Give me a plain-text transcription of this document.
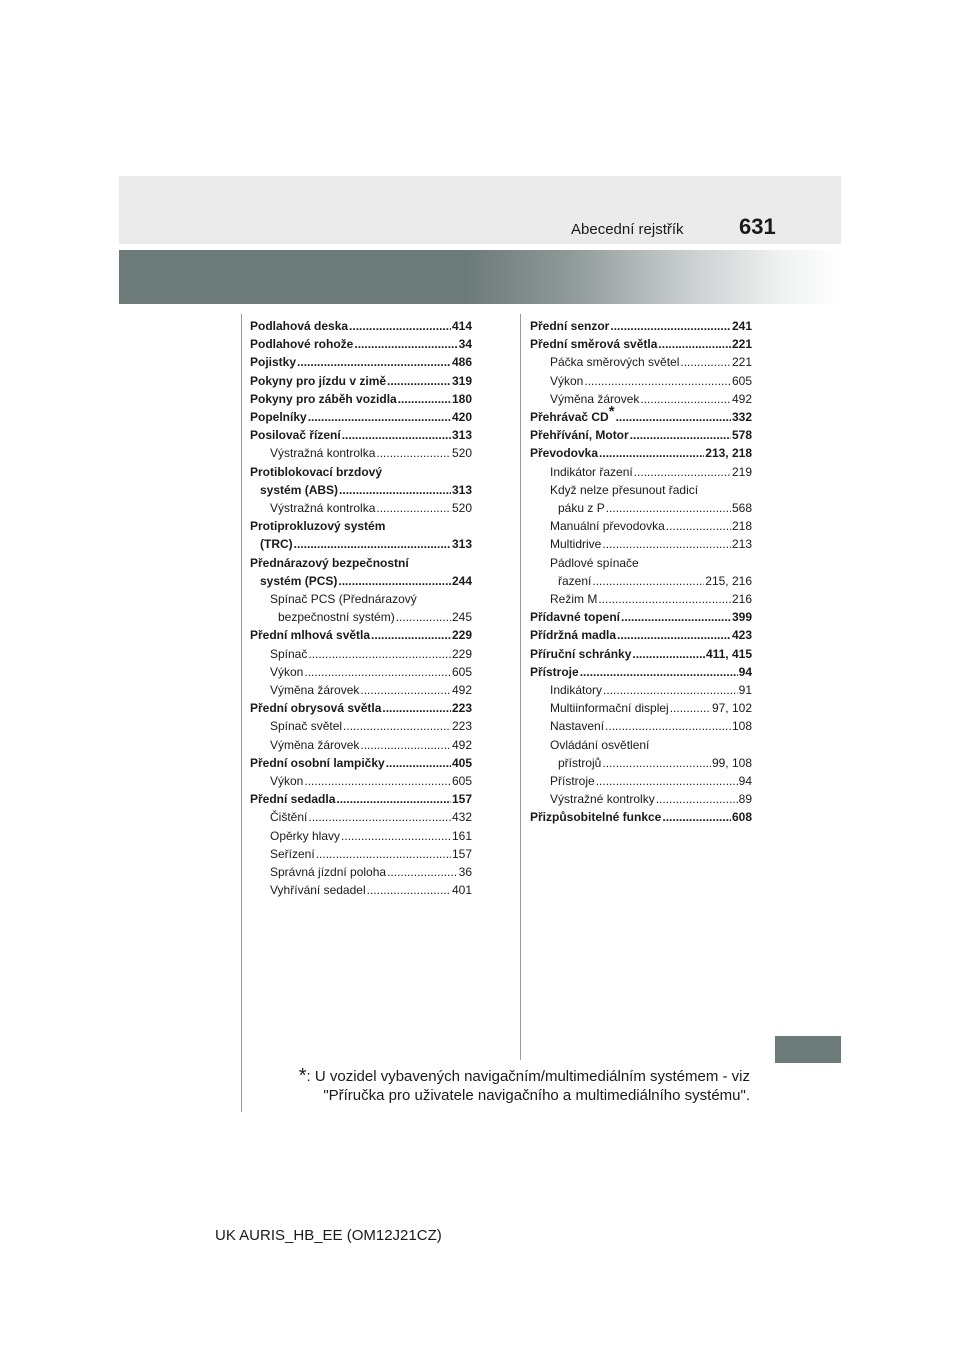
Abecední rejstřík	631
Podlahová deska .....	414
Podlahové rohože .....	34
Pojistky .....	486
Pokyny pro jízdu v zimě .....	319
Pokyny pro záběh vozidla .....	180
Popelníky .....	420
Posilovač řízení .....	313
Výstražná kontrolka .....	520
Protiblokovací brzdový
systém (ABS) .....	313
Výstražná kontrolka .....	520
Protiprokluzový systém
(TRC) .....	313
Přednárazový bezpečnostní
systém (PCS) .....	244
Spínač PCS (Přednárazový
bezpečnostní systém) .....	245
Přední mlhová světla .....	229
Spínač .....	229
Výkon .....	605
Výměna žárovek .....	492
Přední obrysová světla .....	223
Spínač světel .....	223
Výměna žárovek .....	492
Přední osobní lampičky .....	405
Výkon .....	605
Přední sedadla .....	157
Čištění .....	432
Opěrky hlavy .....	161
Seřízení .....	157
Správná jízdní poloha .....	36
Vyhřívání sedadel .....	401
Přední senzor .....	241
Přední směrová světla .....	221
Páčka směrových světel .....	221
Výkon .....	605
Výměna žárovek .....	492
Přehrávač CD * .....	332
Přehřívání, Motor .....	578
Převodovka .....	213, 218
Indikátor řazení .....	219
Když nelze přesunout řadicí
páku z P .....	568
Manuální převodovka .....	218
Multidrive .....	213
Pádlové spínače
řazení .....	215, 216
Režim M .....	216
Přídavné topení .....	399
Přídržná madla .....	423
Příruční schránky .....	411, 415
Přístroje .....	94
Indikátory .....	91
Multiinformační displej .....	97, 102
Nastavení .....	108
Ovládání osvětlení
přístrojů .....	99, 108
Přístroje .....	94
Výstražné kontrolky .....	89
Přizpůsobitelné funkce .....	608
*: U vozidel vybavených navigačním/multimediálním systémem - viz
"Příručka pro uživatele navigačního a multimediálního systému".
UK AURIS_HB_EE (OM12J21CZ)
